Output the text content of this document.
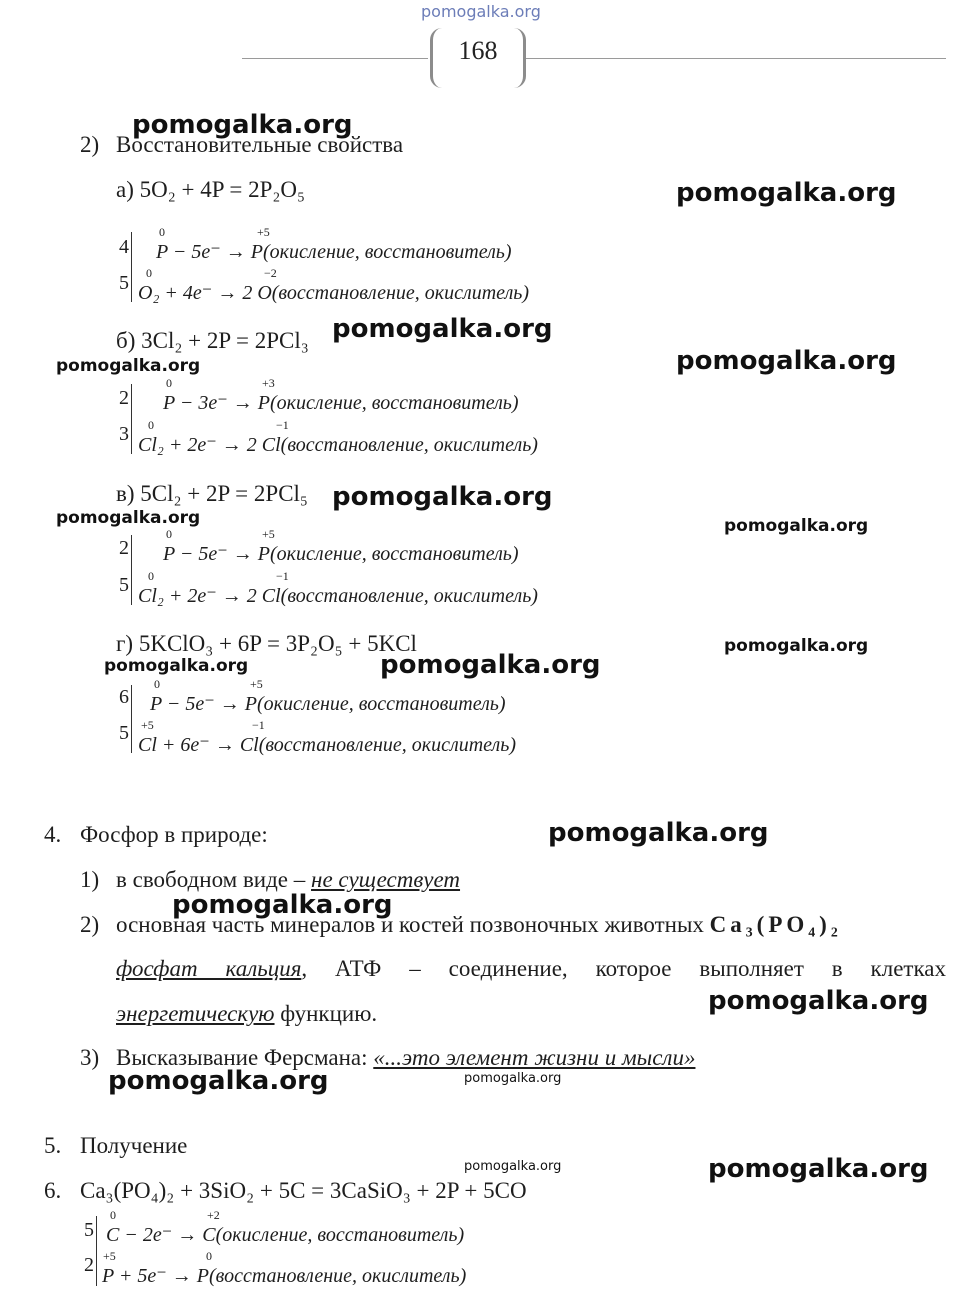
pomogalka.org
168
2) Восстановительные свойства
а) 5O₂ + 4P = 2P₂O₅
4
0	+5
P − 5e⁻ → P(окисление, восстановитель)
5 0	−2
O₂ + 4e⁻ → 2 O(восстановление, окислитель)
б) 3Cl₂ + 2P = 2PCl₃
2
0	+3
P − 3e⁻ → P(окисление, восстановитель)
3 0	−1
Cl₂ + 2e⁻ → 2 Cl(восстановление, окислитель)
в) 5Cl₂ + 2P = 2PCl₅
2
0	+5
P − 5e⁻ → P(окисление, восстановитель)
5 0	−1
Cl₂ + 2e⁻ → 2 Cl(восстановление, окислитель)
г) 5KClO₃ + 6P = 3P₂O₅ + 5KCl
6
0	+5
P − 5e⁻ → P(окисление, восстановитель)
5 +5	−1
Cl + 6e⁻ → Cl(восстановление, окислитель)
4. Фосфор в природе:
1) в свободном виде – не существует
2) основная часть минералов и костей позвоночных животных Ca₃(PO₄)₂
фосфат кальция, АТФ – соединение, которое выполняет в клетках
энергетическую функцию.
3) Высказывание Ферсмана: «...это элемент жизни и мысли»
5. Получение
6. Ca₃(PO₄)₂ + 3SiO₂ + 5C = 3CaSiO₃ + 2P + 5CO
5
0	+2
C − 2e⁻ → C(окисление, восстановитель)
2 +5	0
P + 5e⁻ → P(восстановление, окислитель)
pomogalka.org
pomogalka.org
pomogalka.org
pomogalka.org
pomogalka.org
pomogalka.org
pomogalka.org	pomogalka.org
pomogalka.org
pomogalka.org	pomogalka.org
pomogalka.org
pomogalka.org
pomogalka.org
pomogalka.org	pomogalka.org
pomogalka.org	pomogalka.org
